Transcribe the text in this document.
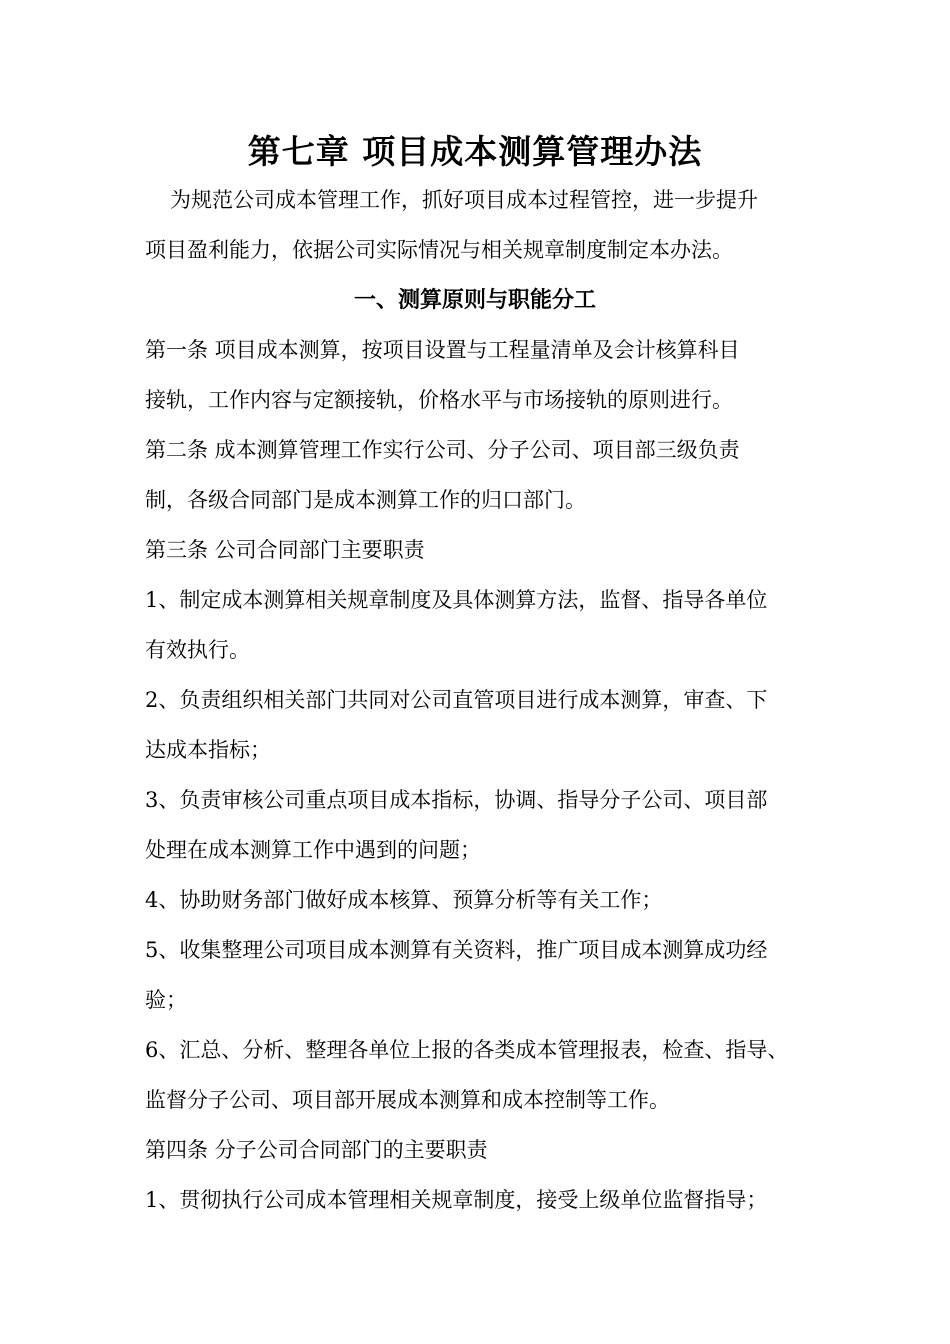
第七章 项目成本测算管理办法
为规范公司成本管理工作，抓好项目成本过程管控，进一步提升
项目盈利能力，依据公司实际情况与相关规章制度制定本办法。
一、测算原则与职能分工
第一条 项目成本测算，按项目设置与工程量清单及会计核算科目
接轨，工作内容与定额接轨，价格水平与市场接轨的原则进行。
第二条 成本测算管理工作实行公司、分子公司、项目部三级负责
制，各级合同部门是成本测算工作的归口部门。
第三条 公司合同部门主要职责
1、制定成本测算相关规章制度及具体测算方法，监督、指导各单位
有效执行。
2、负责组织相关部门共同对公司直管项目进行成本测算，审查、下
达成本指标；
3、负责审核公司重点项目成本指标，协调、指导分子公司、项目部
处理在成本测算工作中遇到的问题；
4、协助财务部门做好成本核算、预算分析等有关工作；
5、收集整理公司项目成本测算有关资料，推广项目成本测算成功经
验；
6、汇总、分析、整理各单位上报的各类成本管理报表，检查、指导、
监督分子公司、项目部开展成本测算和成本控制等工作。
第四条 分子公司合同部门的主要职责
1、贯彻执行公司成本管理相关规章制度，接受上级单位监督指导；
